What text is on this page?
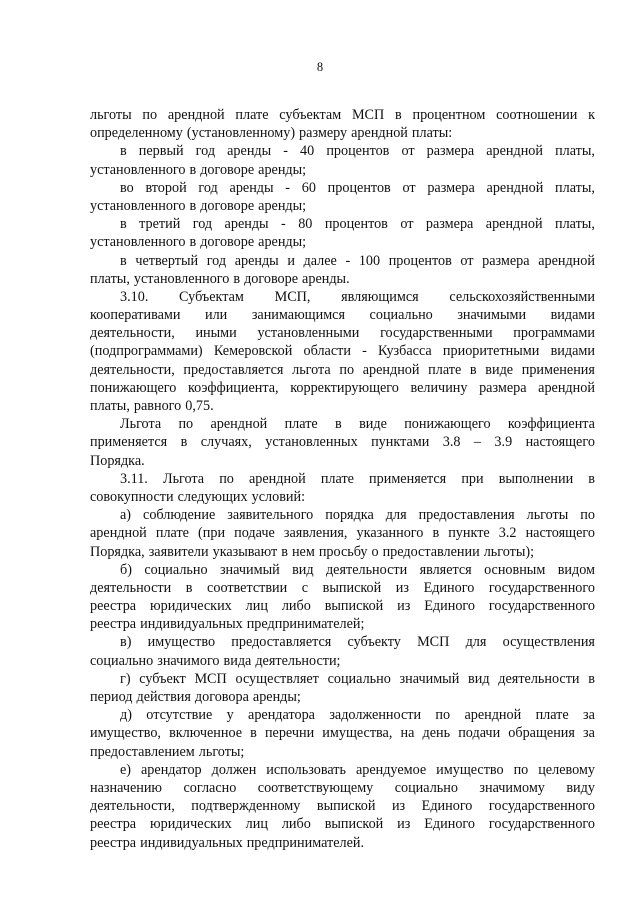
8
льготы по арендной плате субъектам МСП в процентном соотношении к
определенному (установленному) размеру арендной платы:
в первый год аренды - 40 процентов от размера арендной платы,
установленного в договоре аренды;
во второй год аренды - 60 процентов от размера арендной платы,
установленного в договоре аренды;
в третий год аренды - 80 процентов от размера арендной платы,
установленного в договоре аренды;
в четвертый год аренды и далее - 100 процентов от размера арендной
платы, установленного в договоре аренды.
3.10. Субъектам МСП, являющимся сельскохозяйственными
кооперативами или занимающимся социально значимыми видами
деятельности, иными установленными государственными программами
(подпрограммами) Кемеровской области - Кузбасса приоритетными видами
деятельности, предоставляется льгота по арендной плате в виде применения
понижающего коэффициента, корректирующего величину размера арендной
платы, равного 0,75.
Льгота по арендной плате в виде понижающего коэффициента
применяется в случаях, установленных пунктами 3.8 – 3.9 настоящего
Порядка.
3.11. Льгота по арендной плате применяется при выполнении в
совокупности следующих условий:
а) соблюдение заявительного порядка для предоставления льготы по
арендной плате (при подаче заявления, указанного в пункте 3.2 настоящего
Порядка, заявители указывают в нем просьбу о предоставлении льготы);
б) социально значимый вид деятельности является основным видом
деятельности в соответствии с выпиской из Единого государственного
реестра юридических лиц либо выпиской из Единого государственного
реестра индивидуальных предпринимателей;
в) имущество предоставляется субъекту МСП для осуществления
социально значимого вида деятельности;
г) субъект МСП осуществляет социально значимый вид деятельности в
период действия договора аренды;
д) отсутствие у арендатора задолженности по арендной плате за
имущество, включенное в перечни имущества, на день подачи обращения за
предоставлением льготы;
е) арендатор должен использовать арендуемое имущество по целевому
назначению согласно соответствующему социально значимому виду
деятельности, подтвержденному выпиской из Единого государственного
реестра юридических лиц либо выпиской из Единого государственного
реестра индивидуальных предпринимателей.
